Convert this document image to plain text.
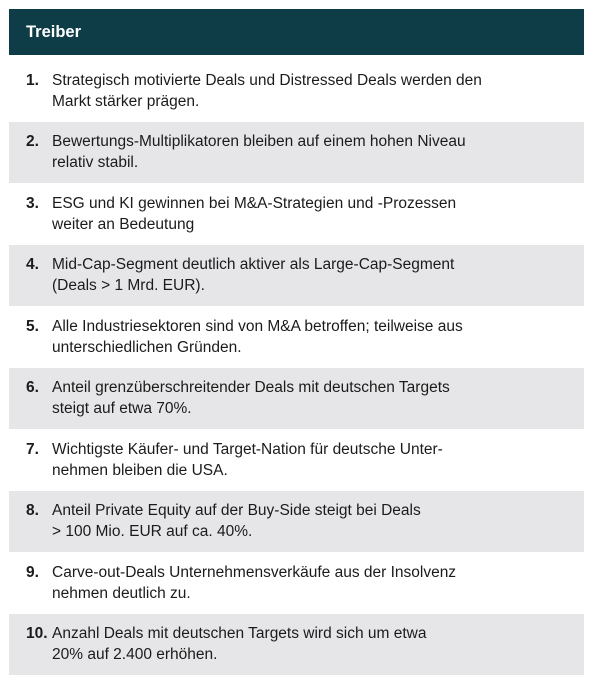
Treiber
1. Strategisch motivierte Deals und Distressed Deals werden den
Markt stärker prägen.
2. Bewertungs-Multiplikatoren bleiben auf einem hohen Niveau
relativ stabil.
3. ESG und KI gewinnen bei M&A-Strategien und -Prozessen
weiter an Bedeutung
4. Mid-Cap-Segment deutlich aktiver als Large-Cap-Segment
(Deals > 1 Mrd. EUR).
5. Alle Industriesektoren sind von M&A betroffen; teilweise aus
unterschiedlichen Gründen.
6. Anteil grenzüberschreitender Deals mit deutschen Targets
steigt auf etwa 70%.
7. Wichtigste Käufer- und Target-Nation für deutsche Unter-
nehmen bleiben die USA.
8. Anteil Private Equity auf der Buy-Side steigt bei Deals
> 100 Mio. EUR auf ca. 40%.
9. Carve-out-Deals Unternehmensverkäufe aus der Insolvenz
nehmen deutlich zu.
10. Anzahl Deals mit deutschen Targets wird sich um etwa
20% auf 2.400 erhöhen.
